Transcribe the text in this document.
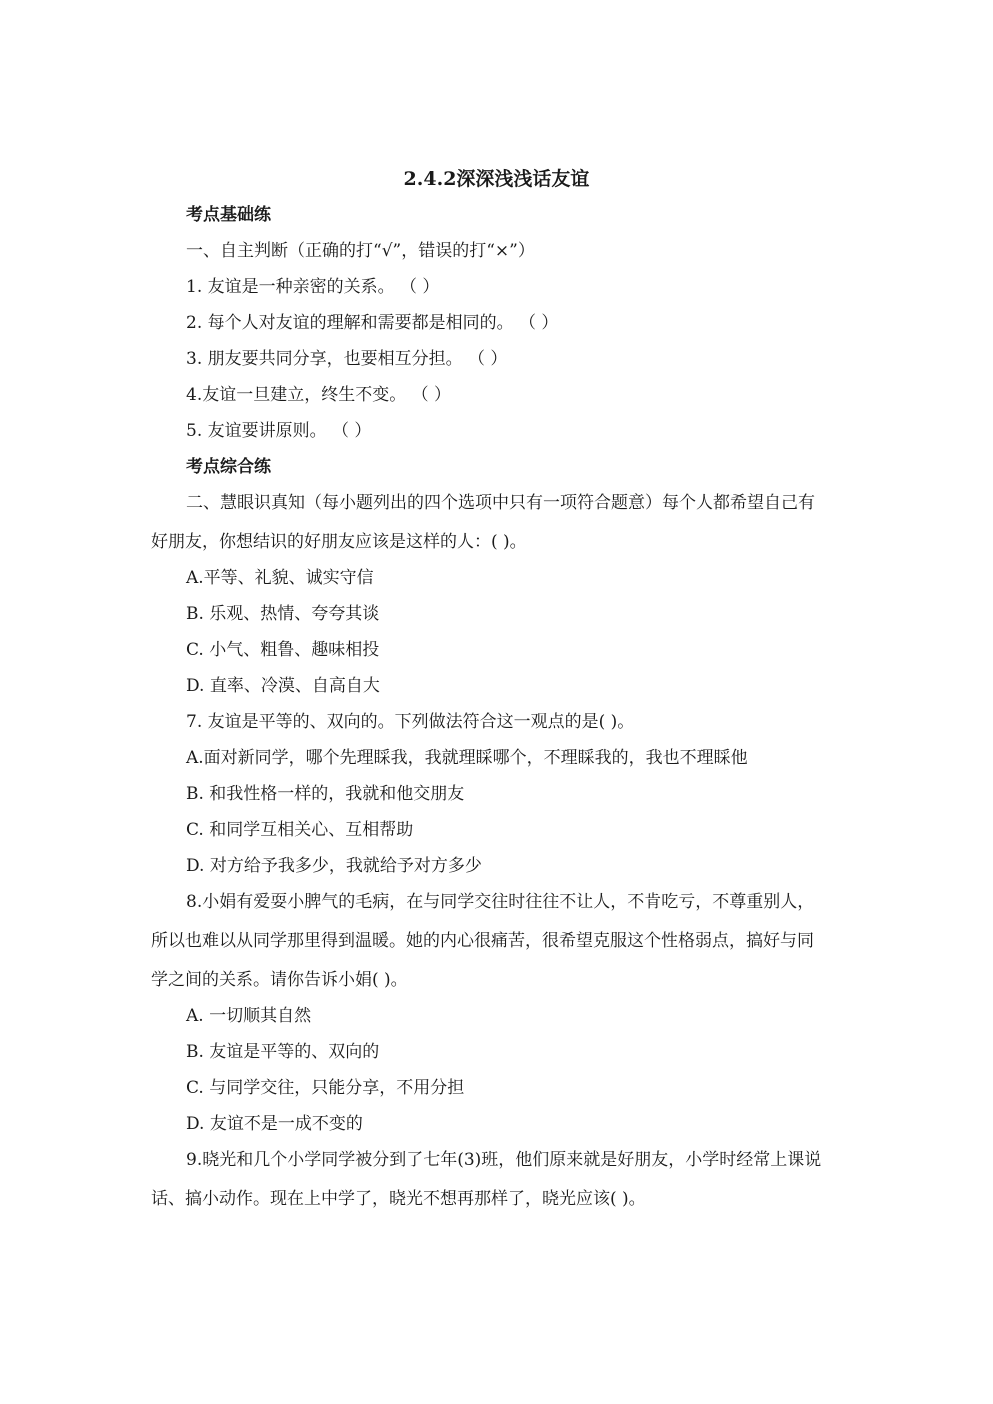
2.4.2深深浅浅话友谊
考点基础练
一、自主判断（正确的打“√”，错误的打“×”）
1. 友谊是一种亲密的关系。 （ ）
2. 每个人对友谊的理解和需要都是相同的。 （ ）
3. 朋友要共同分享，也要相互分担。 （ ）
4.友谊一旦建立，终生不变。 （ ）
5. 友谊要讲原则。 （ ）
考点综合练
二、慧眼识真知（每小题列出的四个选项中只有一项符合题意）每个人都希望自己有
好朋友，你想结识的好朋友应该是这样的人：( )。
A.平等、礼貌、诚实守信
B. 乐观、热情、夸夸其谈
C. 小气、粗鲁、趣味相投
D. 直率、冷漠、自高自大
7. 友谊是平等的、双向的。下列做法符合这一观点的是( )。
A.面对新同学，哪个先理睬我，我就理睬哪个，不理睬我的，我也不理睬他
B. 和我性格一样的，我就和他交朋友
C. 和同学互相关心、互相帮助
D. 对方给予我多少，我就给予对方多少
8.小娟有爱耍小脾气的毛病，在与同学交往时往往不让人，不肯吃亏，不尊重别人，
所以也难以从同学那里得到温暖。她的内心很痛苦，很希望克服这个性格弱点，搞好与同
学之间的关系。请你告诉小娟( )。
A. 一切顺其自然
B. 友谊是平等的、双向的
C. 与同学交往，只能分享，不用分担
D. 友谊不是一成不变的
9.晓光和几个小学同学被分到了七年(3)班，他们原来就是好朋友，小学时经常上课说
话、搞小动作。现在上中学了，晓光不想再那样了，晓光应该( )。
